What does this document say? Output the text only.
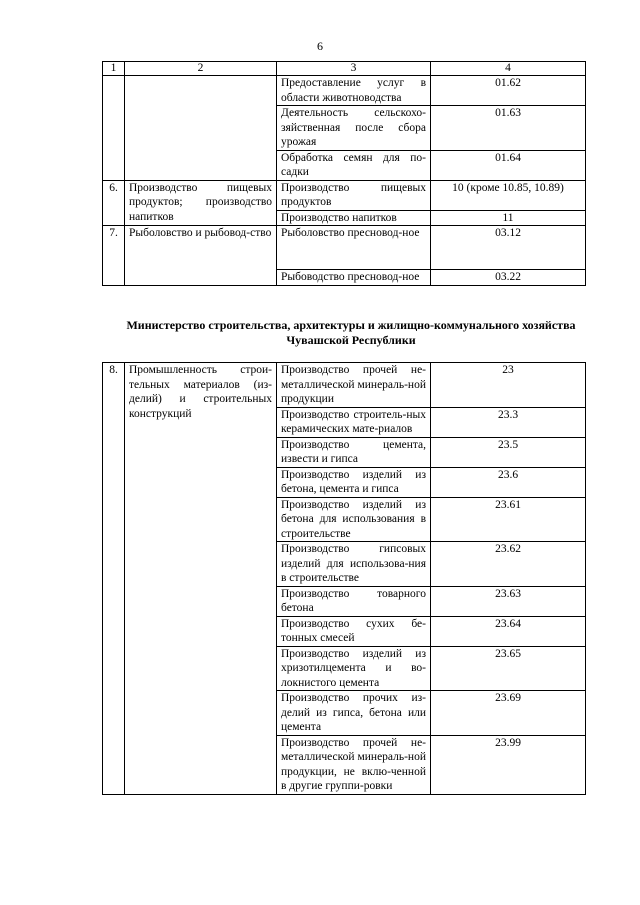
6
1	2	3	4
		Предоставление услуг в области животноводства	01.62
		Деятельность сельскохо-зяйственная после сбора урожая	01.63
		Обработка семян для по-садки	01.64
6.	Производство пищевых продуктов; производство напитков	Производство пищевых продуктов	10 (кроме 10.85, 10.89)
		Производство напитков	11
7.	Рыболовство и рыбовод-ство	Рыболовство пресновод-ное	03.12
		Рыбоводство пресновод-ное	03.22
Министерство строительства, архитектуры и жилищно-коммунального хозяйства Чувашской Республики
8.	Промышленность строи-тельных материалов (из-делий) и строительных конструкций	Производство прочей не-металлической минераль-ной продукции	23
		Производство строитель-ных керамических мате-риалов	23.3
		Производство цемента, извести и гипса	23.5
		Производство изделий из бетона, цемента и гипса	23.6
		Производство изделий из бетона для использования в строительстве	23.61
		Производство гипсовых изделий для использова-ния в строительстве	23.62
		Производство товарного бетона	23.63
		Производство сухих бе-тонных смесей	23.64
		Производство изделий из хризотилцемента и во-локнистого цемента	23.65
		Производство прочих из-делий из гипса, бетона или цемента	23.69
		Производство прочей не-металлической минераль-ной продукции, не вклю-ченной в другие группи-ровки	23.99
